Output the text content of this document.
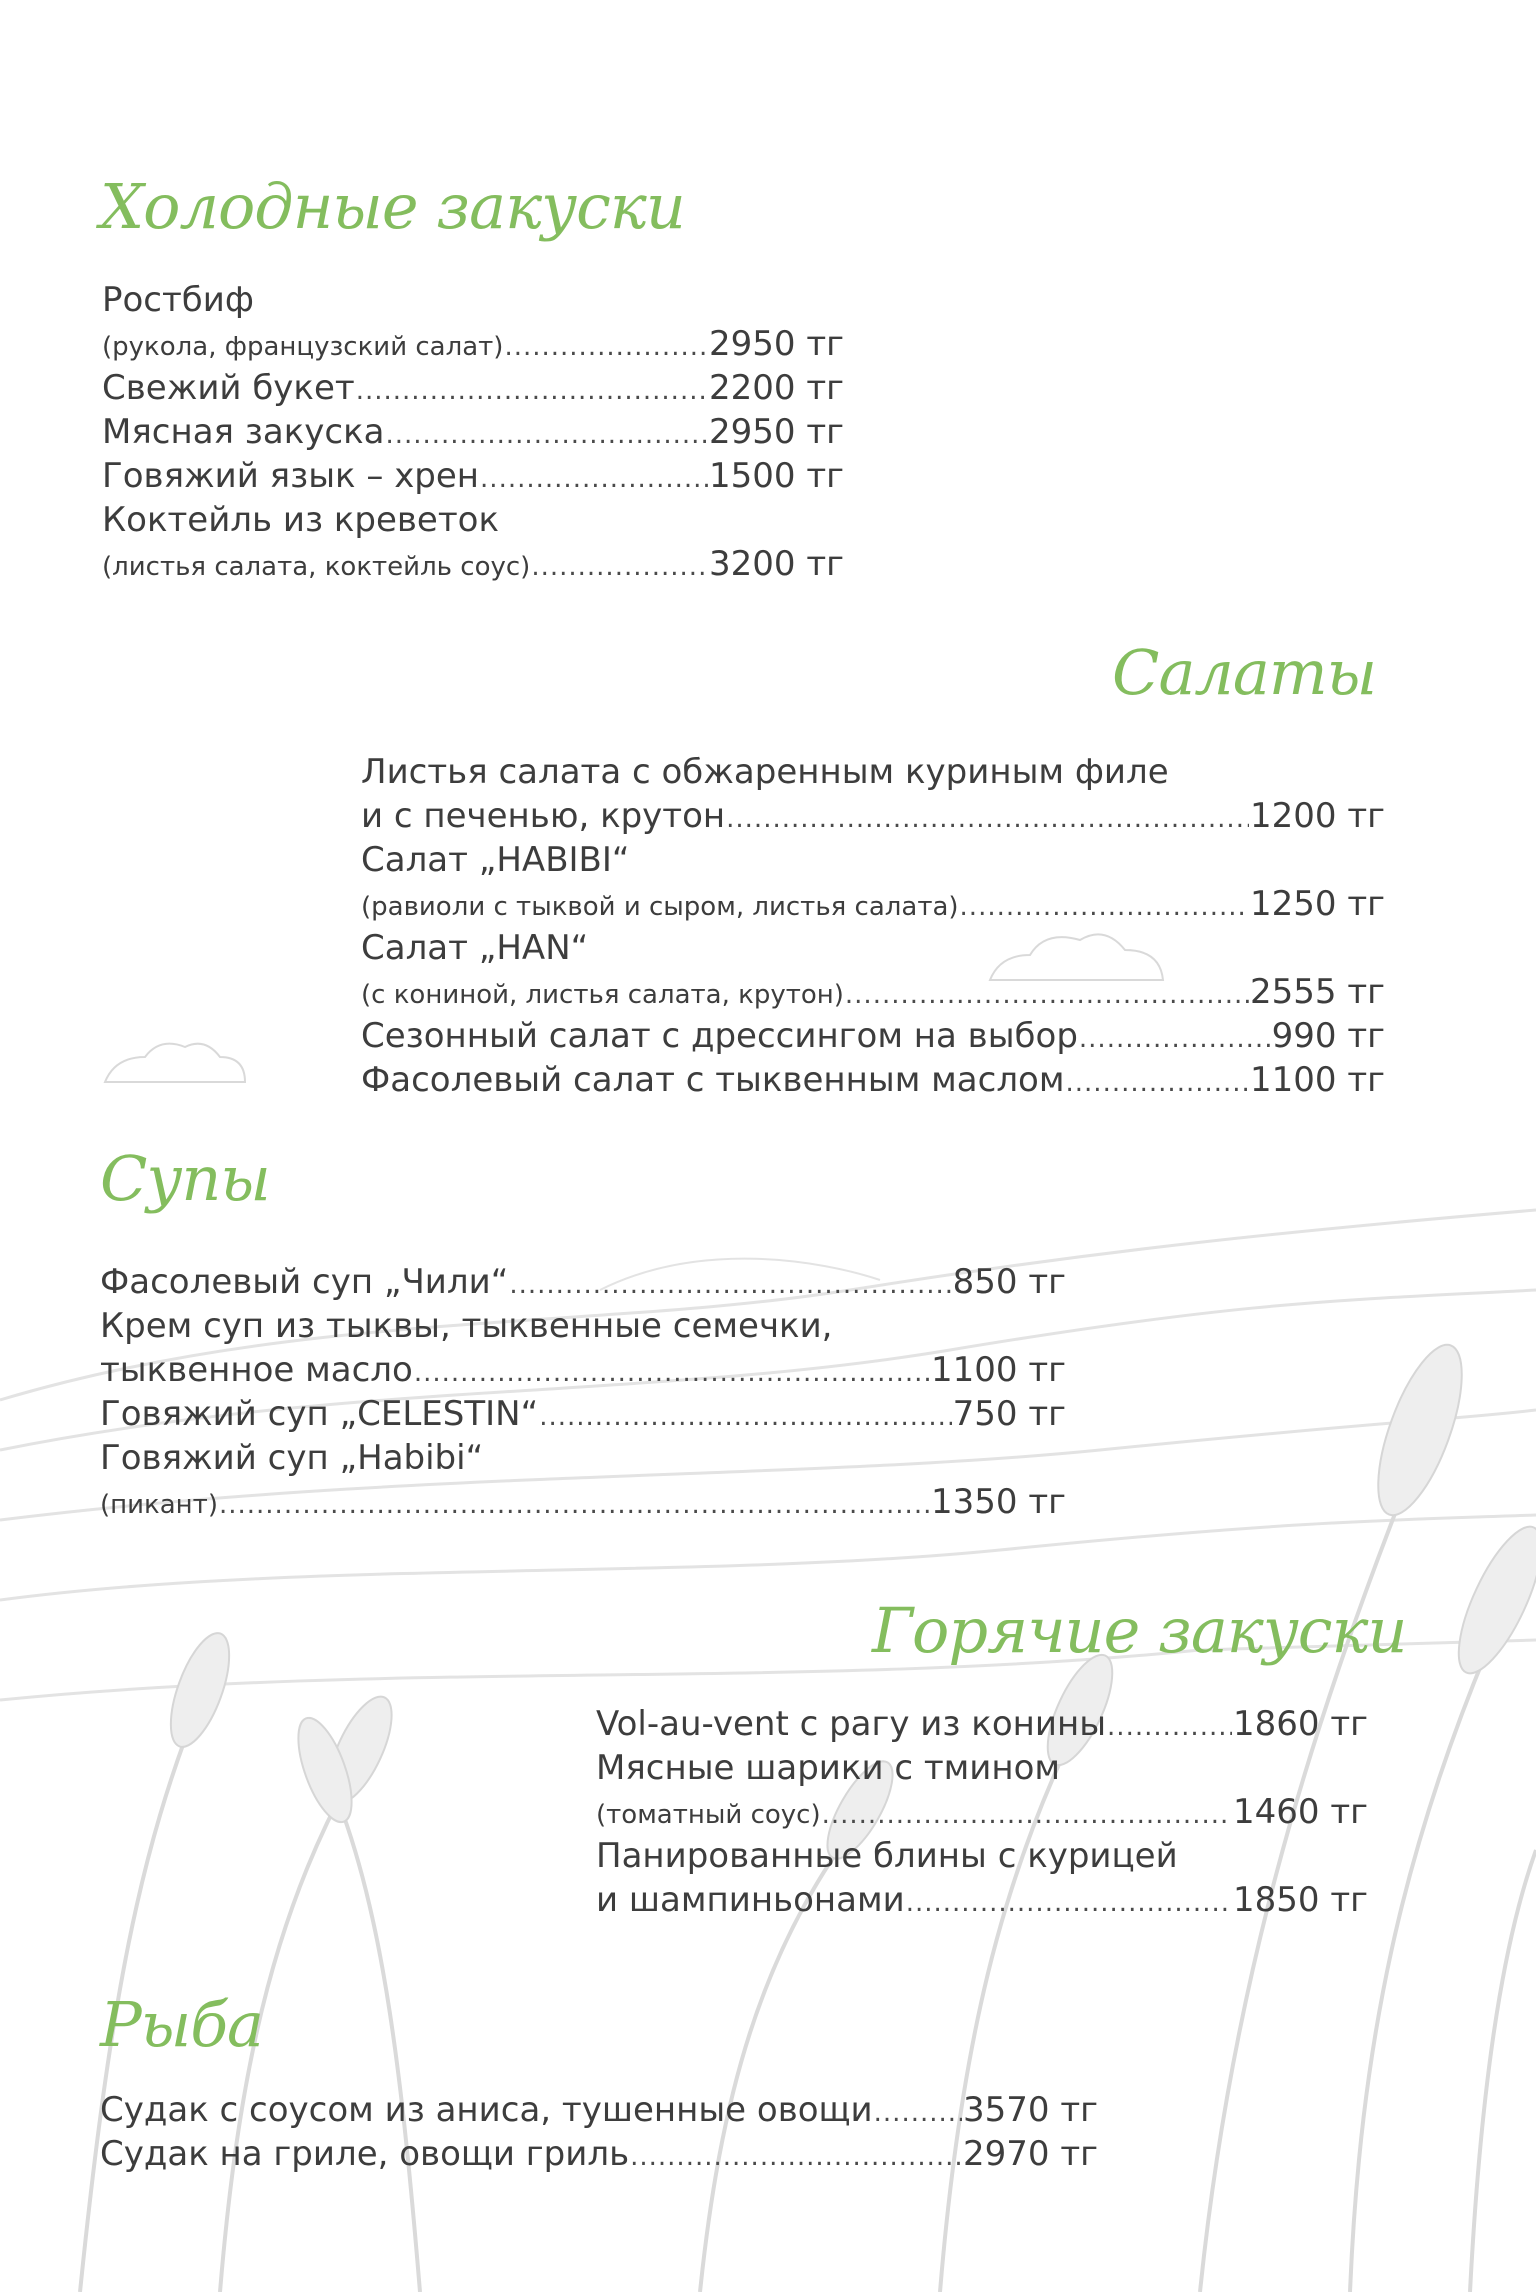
Холодные закуски
Ростбиф
(рукола, французский салат) .....	2950 тг
Свежий букет .....	2200 тг
Мясная закуска .....	2950 тг
Говяжий язык – хрен .....	1500 тг
Коктейль из креветок
(листья салата, коктейль соус) .....	3200 тг
Салаты
Листья салата с обжаренным куриным филе
и с печенью, крутон .....	1200 тг
Салат „HABIBI“
(равиоли с тыквой и сыром, листья салата) .....	1250 тг
Салат „HAN“
(с кониной, листья салата, крутон) .....	2555 тг
Сезонный салат с дрессингом на выбор .....	990 тг
Фасолевый салат с тыквенным маслом .....	1100 тг
Супы
Фасолевый суп „Чили“ .....	850 тг
Крем суп из тыквы, тыквенные семечки,
тыквенное масло .....	1100 тг
Говяжий суп „CELESTIN“ .....	750 тг
Говяжий суп „Habibi“
(пикант) .....	1350 тг
Горячие закуски
Vol-au-vent с рагу из конины .....	1860 тг
Мясные шарики с тмином
(томатный соус) .....	1460 тг
Панированные блины с курицей
и шампиньонами .....	1850 тг
Рыба
Судак с соусом из аниса, тушенные овощи .....	3570 тг
Судак на гриле, овощи гриль .....	2970 тг
